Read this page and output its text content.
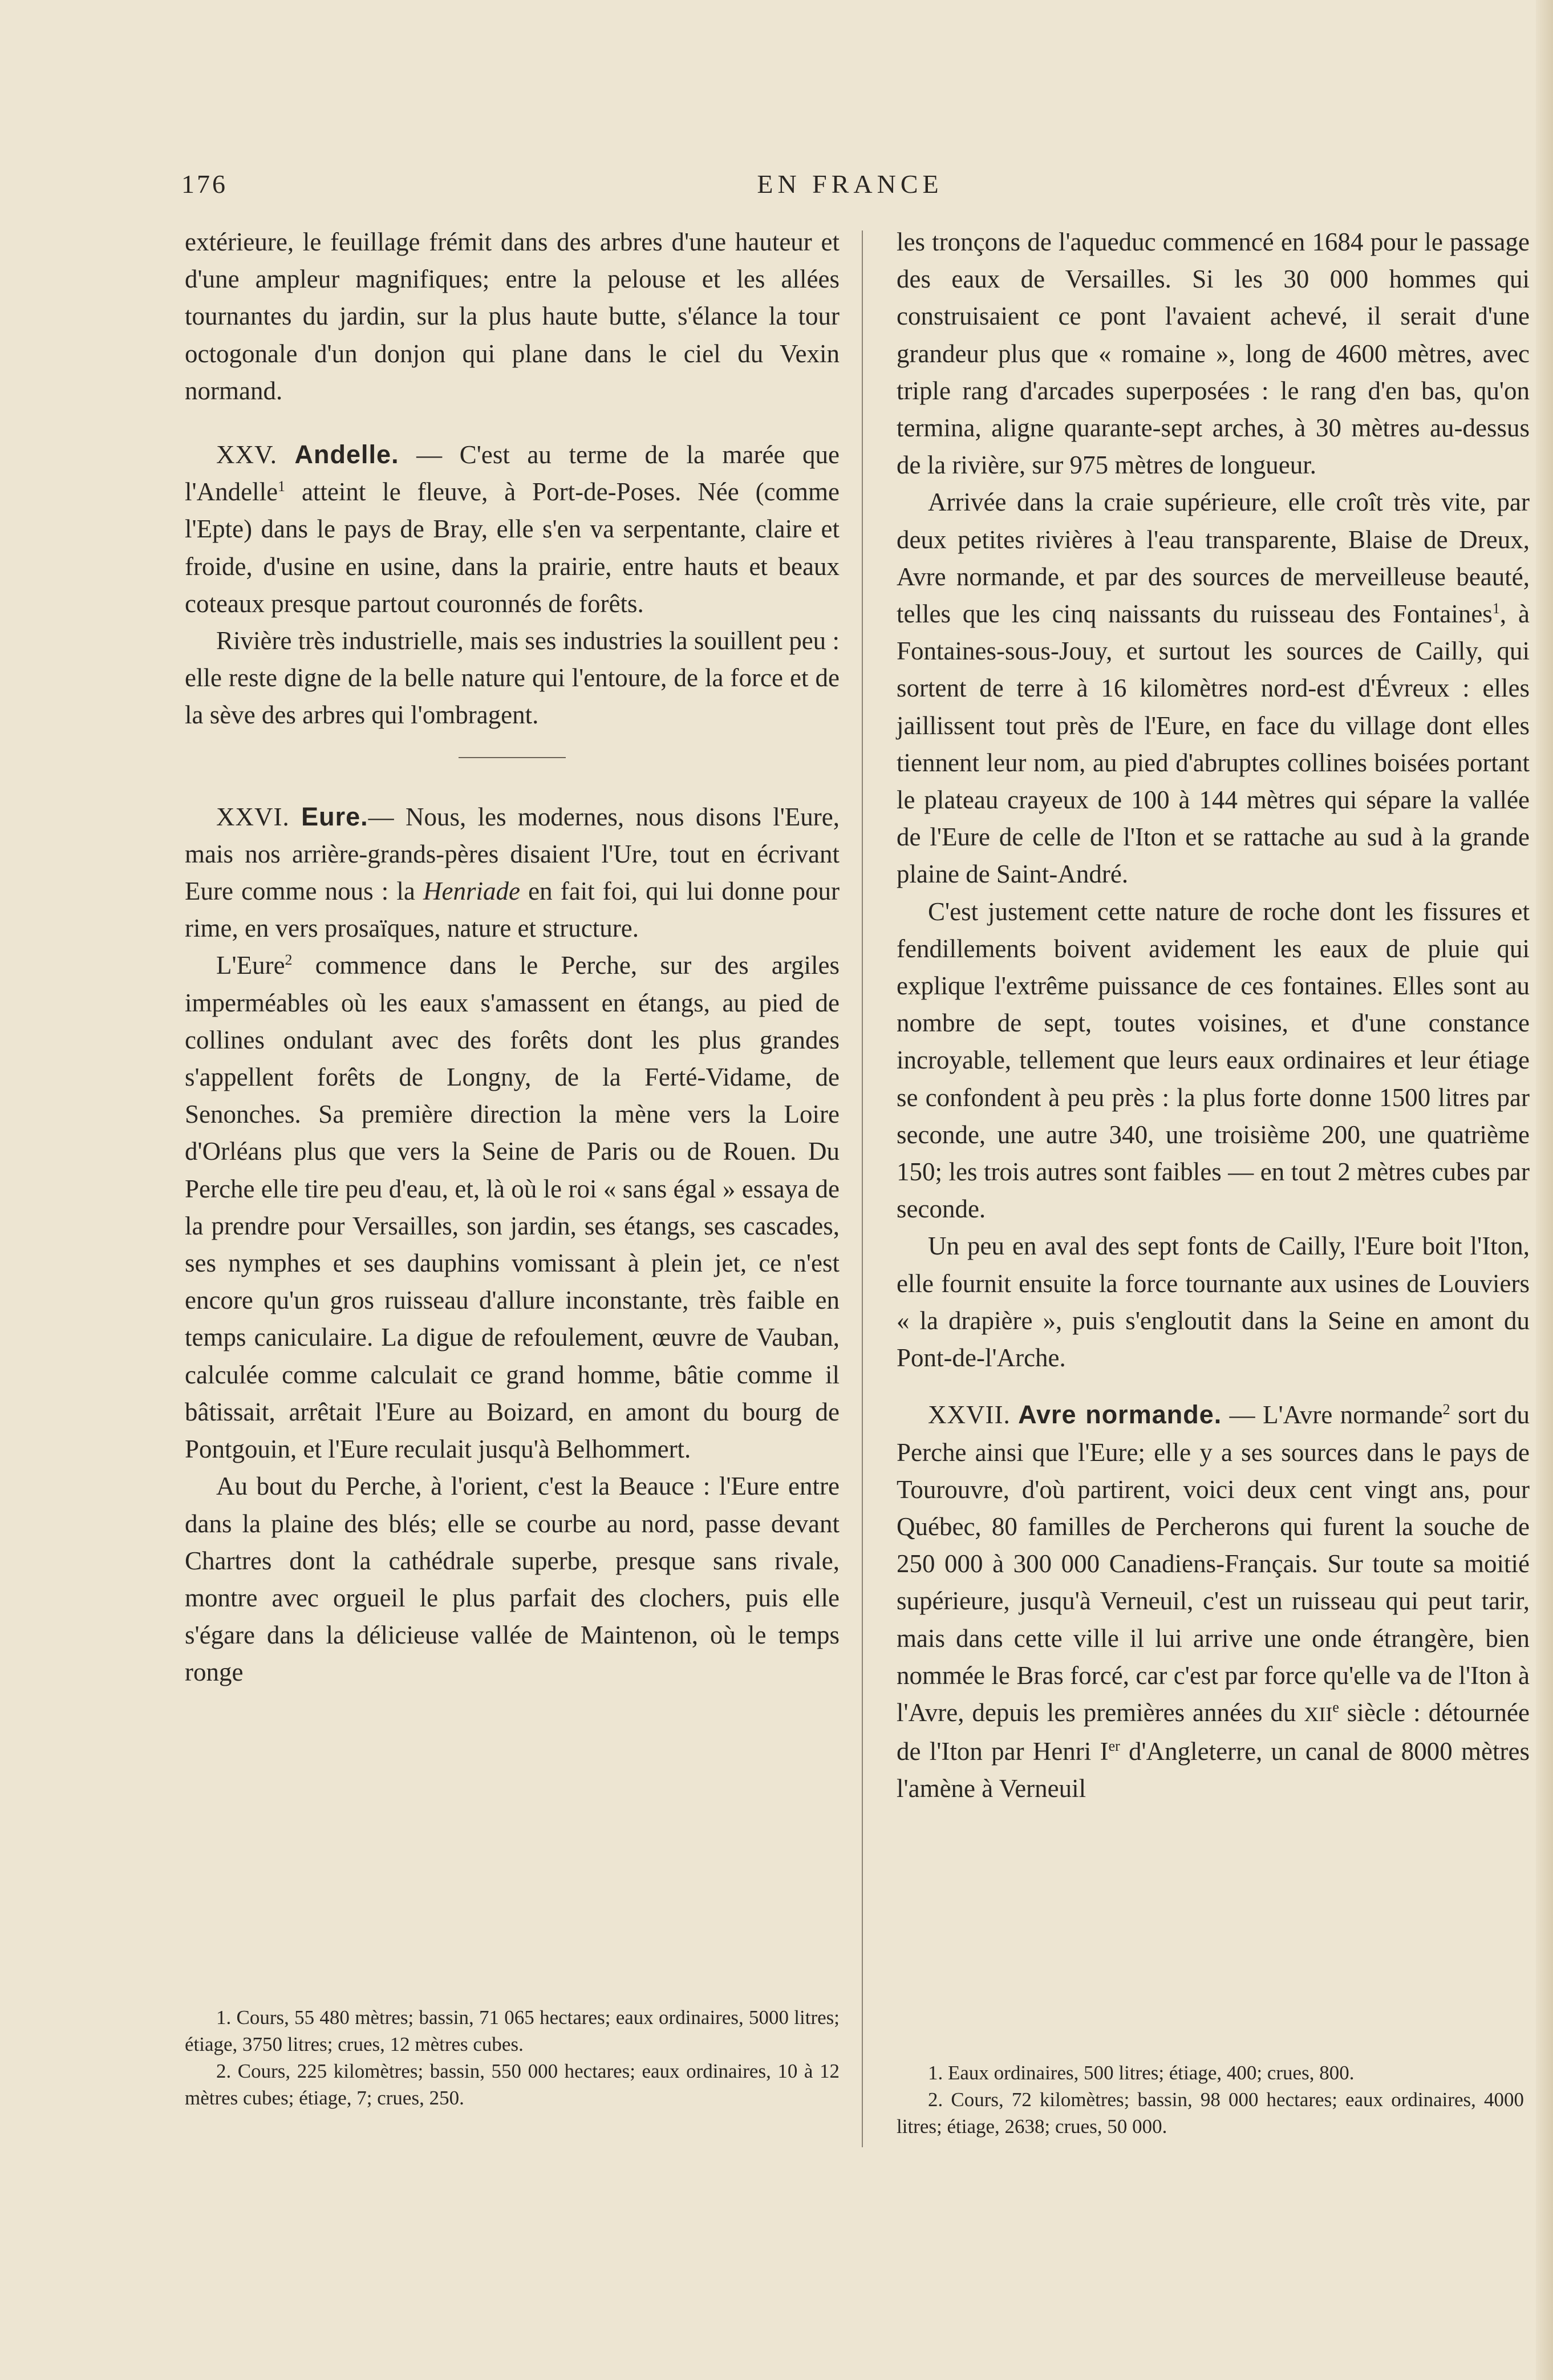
176	EN FRANCE

extérieure, le feuillage frémit dans des arbres d'une hauteur et d'une ampleur magnifiques; entre la pelouse et les allées tournantes du jardin, sur la plus haute butte, s'élance la tour octogonale d'un donjon qui plane dans le ciel du Vexin normand.

XXV. Andelle. — C'est au terme de la marée que l'Andelle$^1$ atteint le fleuve, à Port-de-Poses. Née (comme l'Epte) dans le pays de Bray, elle s'en va serpentante, claire et froide, d'usine en usine, dans la prairie, entre hauts et beaux coteaux presque partout couronnés de forêts.

Rivière très industrielle, mais ses industries la souillent peu : elle reste digne de la belle nature qui l'entoure, de la force et de la sève des arbres qui l'ombragent.

XXVI. Eure.— Nous, les modernes, nous disons l'Eure, mais nos arrière-grands-pères disaient l'Ure, tout en écrivant Eure comme nous : la Henriade en fait foi, qui lui donne pour rime, en vers prosaïques, nature et structure.

L'Eure$^2$ commence dans le Perche, sur des argiles imperméables où les eaux s'amassent en étangs, au pied de collines ondulant avec des forêts dont les plus grandes s'appellent forêts de Longny, de la Ferté-Vidame, de Senonches. Sa première direction la mène vers la Loire d'Orléans plus que vers la Seine de Paris ou de Rouen. Du Perche elle tire peu d'eau, et, là où le roi « sans égal » essaya de la prendre pour Versailles, son jardin, ses étangs, ses cascades, ses nymphes et ses dauphins vomissant à plein jet, ce n'est encore qu'un gros ruisseau d'allure inconstante, très faible en temps caniculaire. La digue de refoulement, œuvre de Vauban, calculée comme calculait ce grand homme, bâtie comme il bâtissait, arrêtait l'Eure au Boizard, en amont du bourg de Pontgouin, et l'Eure reculait jusqu'à Belhommert.

Au bout du Perche, à l'orient, c'est la Beauce : l'Eure entre dans la plaine des blés; elle se courbe au nord, passe devant Chartres dont la cathédrale superbe, presque sans rivale, montre avec orgueil le plus parfait des clochers, puis elle s'égare dans la délicieuse vallée de Maintenon, où le temps ronge

1. Cours, 55 480 mètres; bassin, 71 065 hectares; eaux ordinaires, 5000 litres; étiage, 3750 litres; crues, 12 mètres cubes.

2. Cours, 225 kilomètres; bassin, 550 000 hectares; eaux ordinaires, 10 à 12 mètres cubes; étiage, 7; crues, 250.

les tronçons de l'aqueduc commencé en 1684 pour le passage des eaux de Versailles. Si les 30 000 hommes qui construisaient ce pont l'avaient achevé, il serait d'une grandeur plus que « romaine », long de 4600 mètres, avec triple rang d'arcades superposées : le rang d'en bas, qu'on termina, aligne quarante-sept arches, à 30 mètres au-dessus de la rivière, sur 975 mètres de longueur.

Arrivée dans la craie supérieure, elle croît très vite, par deux petites rivières à l'eau transparente, Blaise de Dreux, Avre normande, et par des sources de merveilleuse beauté, telles que les cinq naissants du ruisseau des Fontaines$^1$, à Fontaines-sous-Jouy, et surtout les sources de Cailly, qui sortent de terre à 16 kilomètres nord-est d'Évreux : elles jaillissent tout près de l'Eure, en face du village dont elles tiennent leur nom, au pied d'abruptes collines boisées portant le plateau crayeux de 100 à 144 mètres qui sépare la vallée de l'Eure de celle de l'Iton et se rattache au sud à la grande plaine de Saint-André.

C'est justement cette nature de roche dont les fissures et fendillements boivent avidement les eaux de pluie qui explique l'extrême puissance de ces fontaines. Elles sont au nombre de sept, toutes voisines, et d'une constance incroyable, tellement que leurs eaux ordinaires et leur étiage se confondent à peu près : la plus forte donne 1500 litres par seconde, une autre 340, une troisième 200, une quatrième 150; les trois autres sont faibles — en tout 2 mètres cubes par seconde.

Un peu en aval des sept fonts de Cailly, l'Eure boit l'Iton, elle fournit ensuite la force tournante aux usines de Louviers « la drapière », puis s'engloutit dans la Seine en amont du Pont-de-l'Arche.

XXVII. Avre normande. — L'Avre normande$^2$ sort du Perche ainsi que l'Eure; elle y a ses sources dans le pays de Tourouvre, d'où partirent, voici deux cent vingt ans, pour Québec, 80 familles de Percherons qui furent la souche de 250 000 à 300 000 Canadiens-Français. Sur toute sa moitié supérieure, jusqu'à Verneuil, c'est un ruisseau qui peut tarir, mais dans cette ville il lui arrive une onde étrangère, bien nommée le Bras forcé, car c'est par force qu'elle va de l'Iton à l'Avre, depuis les premières années du XIIe siècle : détournée de l'Iton par Henri Ier d'Angleterre, un canal de 8000 mètres l'amène à Verneuil

1. Eaux ordinaires, 500 litres; étiage, 400; crues, 800.

2. Cours, 72 kilomètres; bassin, 98 000 hectares; eaux ordinaires, 4000 litres; étiage, 2638; crues, 50 000.
